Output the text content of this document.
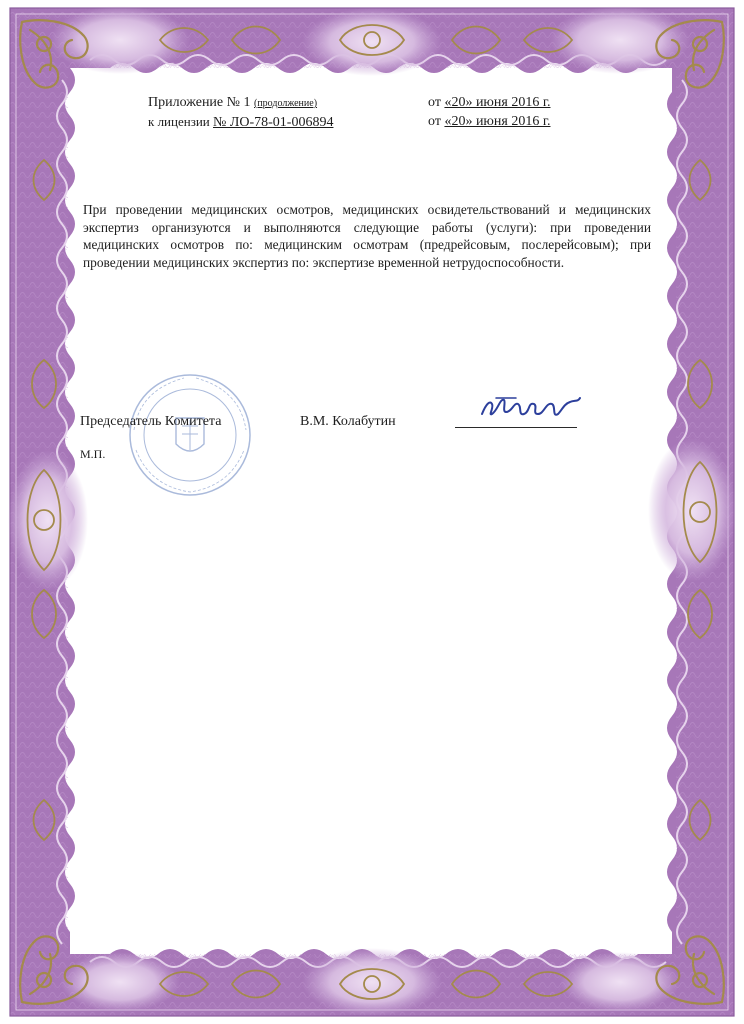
Приложение № 1 (продолжение)	от «20» июня 2016 г.
к лицензии № ЛО-78-01-006894	от «20» июня 2016 г.
При проведении медицинских осмотров, медицинских освидетельствований и медицинских экспертиз организуются и выполняются следующие работы (услуги): при проведении медицинских осмотров по: медицинским осмотрам (предрейсовым, послерейсовым); при проведении медицинских экспертиз по: экспертизе временной нетрудоспособности.
Председатель Комитета	В.М. Колабутин
М.П.
